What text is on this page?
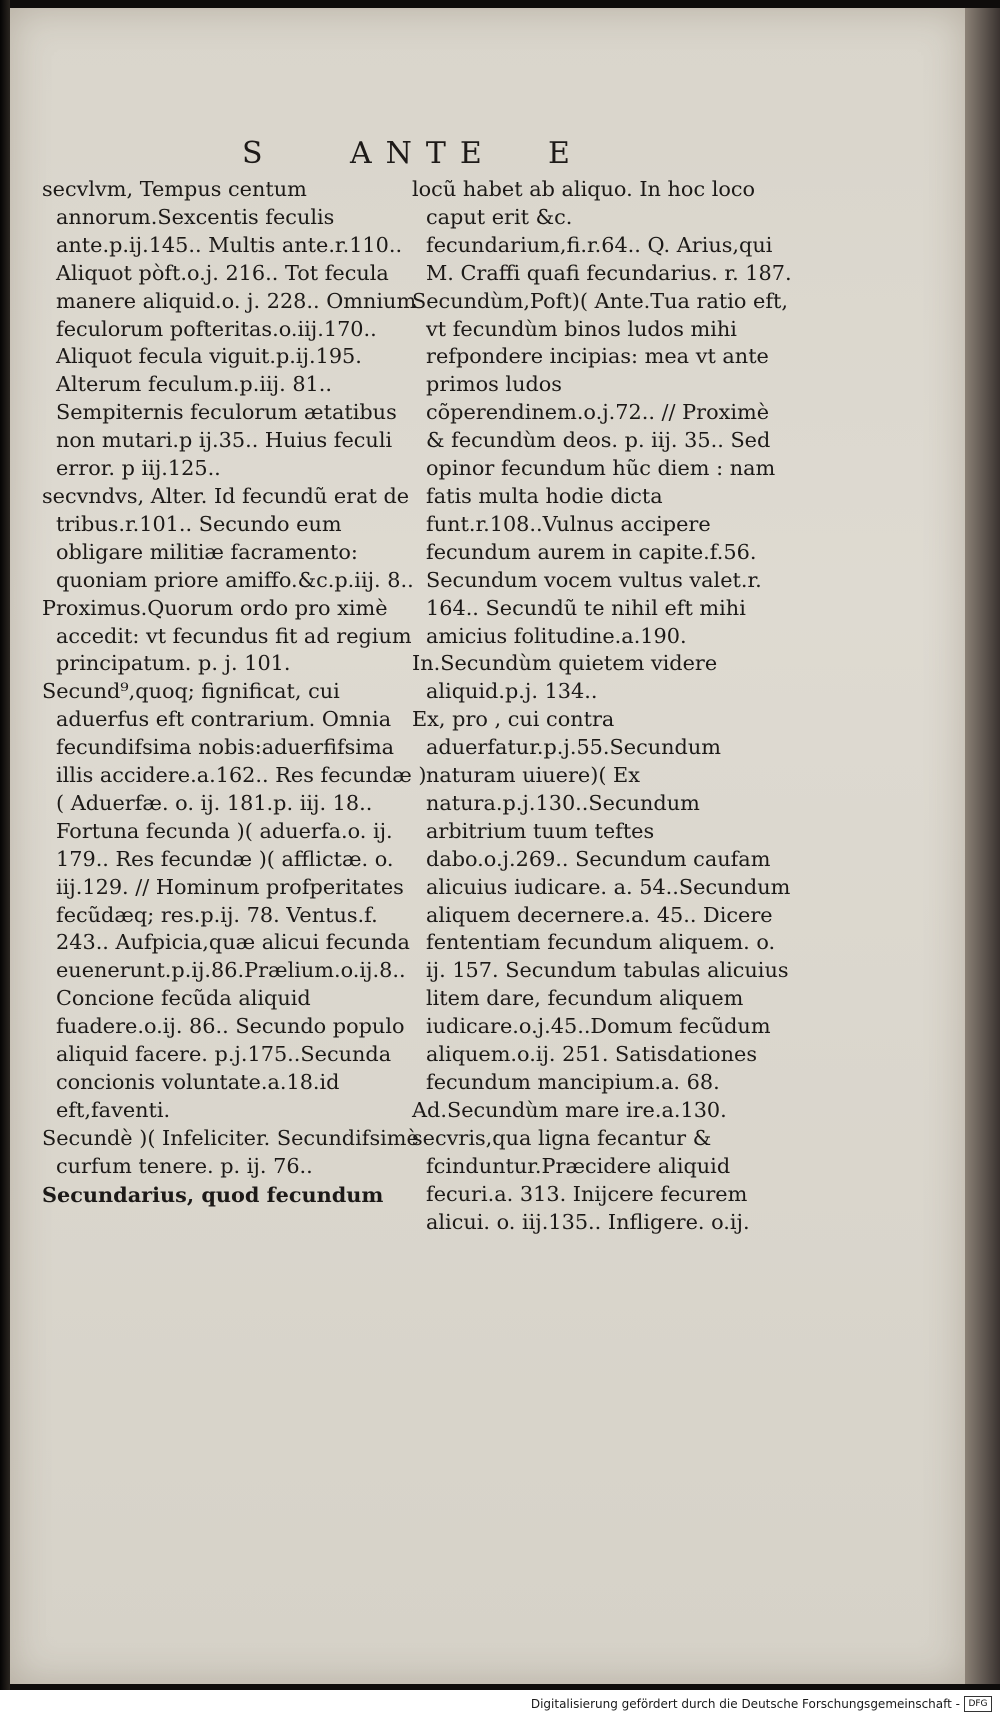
S	ANTE E

secvlvm, Tempus centum annorum.Sexcentis feculis ante.p.ij.145.. Multis ante.r.110.. Aliquot pòft.o.j. 216.. Tot fecula manere aliquid.o. j. 228.. Omnium feculorum pofteritas.o.iij.170.. Aliquot fecula viguit.p.ij.195. Alterum feculum.p.iij. 81.. Sempiternis feculorum ætatibus non mutari.p ij.35.. Huius feculi error. p iij.125..

secvndvs, Alter. Id fecundũ erat de tribus.r.101.. Secundo eum obligare militiæ facramento: quoniam priore amiffo.&c.p.iij. 8..

Proximus.Quorum ordo pro ximè accedit: vt fecundus fit ad regium principatum. p. j. 101.

Secund⁹,quoq; fignificat, cui aduerfus eft contrarium. Omnia fecundifsima nobis:aduerfifsima illis accidere.a.162.. Res fecundæ )( Aduerfæ. o. ij. 181.p. iij. 18.. Fortuna fecunda )( aduerfa.o. ij. 179.. Res fecundæ )( afflictæ. o. iij.129. // Hominum profperitates fecũdæq; res.p.ij. 78. Ventus.f. 243.. Aufpicia,quæ alicui fecunda euenerunt.p.ij.86.Prælium.o.ij.8.. Concione fecũda aliquid fuadere.o.ij. 86.. Secundo populo aliquid facere. p.j.175..Secunda concionis voluntate.a.18.id eft,faventi.

Secundè )( Infeliciter. Secundifsimè curfum tenere. p. ij. 76..

Secundarius, quod fecundum

locũ habet ab aliquo. In hoc loco caput erit &c. fecundarium,fi.r.64.. Q. Arius,qui M. Craffi quafi fecundarius. r. 187.

Secundùm,Poft)( Ante.Tua ratio eft, vt fecundùm binos ludos mihi refpondere incipias: mea vt ante primos ludos cõperendinem.o.j.72.. // Proximè & fecundùm deos. p. iij. 35.. Sed opinor fecundum hũc diem : nam fatis multa hodie dicta funt.r.108..Vulnus accipere fecundum aurem in capite.f.56. Secundum vocem vultus valet.r. 164.. Secundũ te nihil eft mihi amicius folitudine.a.190.

In.Secundùm quietem videre aliquid.p.j. 134..

Ex, pro , cui contra aduerfatur.p.j.55.Secundum naturam uiuere)( Ex natura.p.j.130..Secundum arbitrium tuum teftes dabo.o.j.269.. Secundum caufam alicuius iudicare. a. 54..Secundum aliquem decernere.a. 45.. Dicere fententiam fecundum aliquem. o. ij. 157. Secundum tabulas alicuius litem dare, fecundum aliquem iudicare.o.j.45..Domum fecũdum aliquem.o.ij. 251. Satisdationes fecundum mancipium.a. 68.

Ad.Secundùm mare ire.a.130.

secvris,qua ligna fecantur & fcinduntur.Præcidere aliquid fecuri.a. 313. Inijcere fecurem alicui. o. iij.135.. Infligere. o.ij.

Digitalisierung gefördert durch die Deutsche Forschungsgemeinschaft - DFG
